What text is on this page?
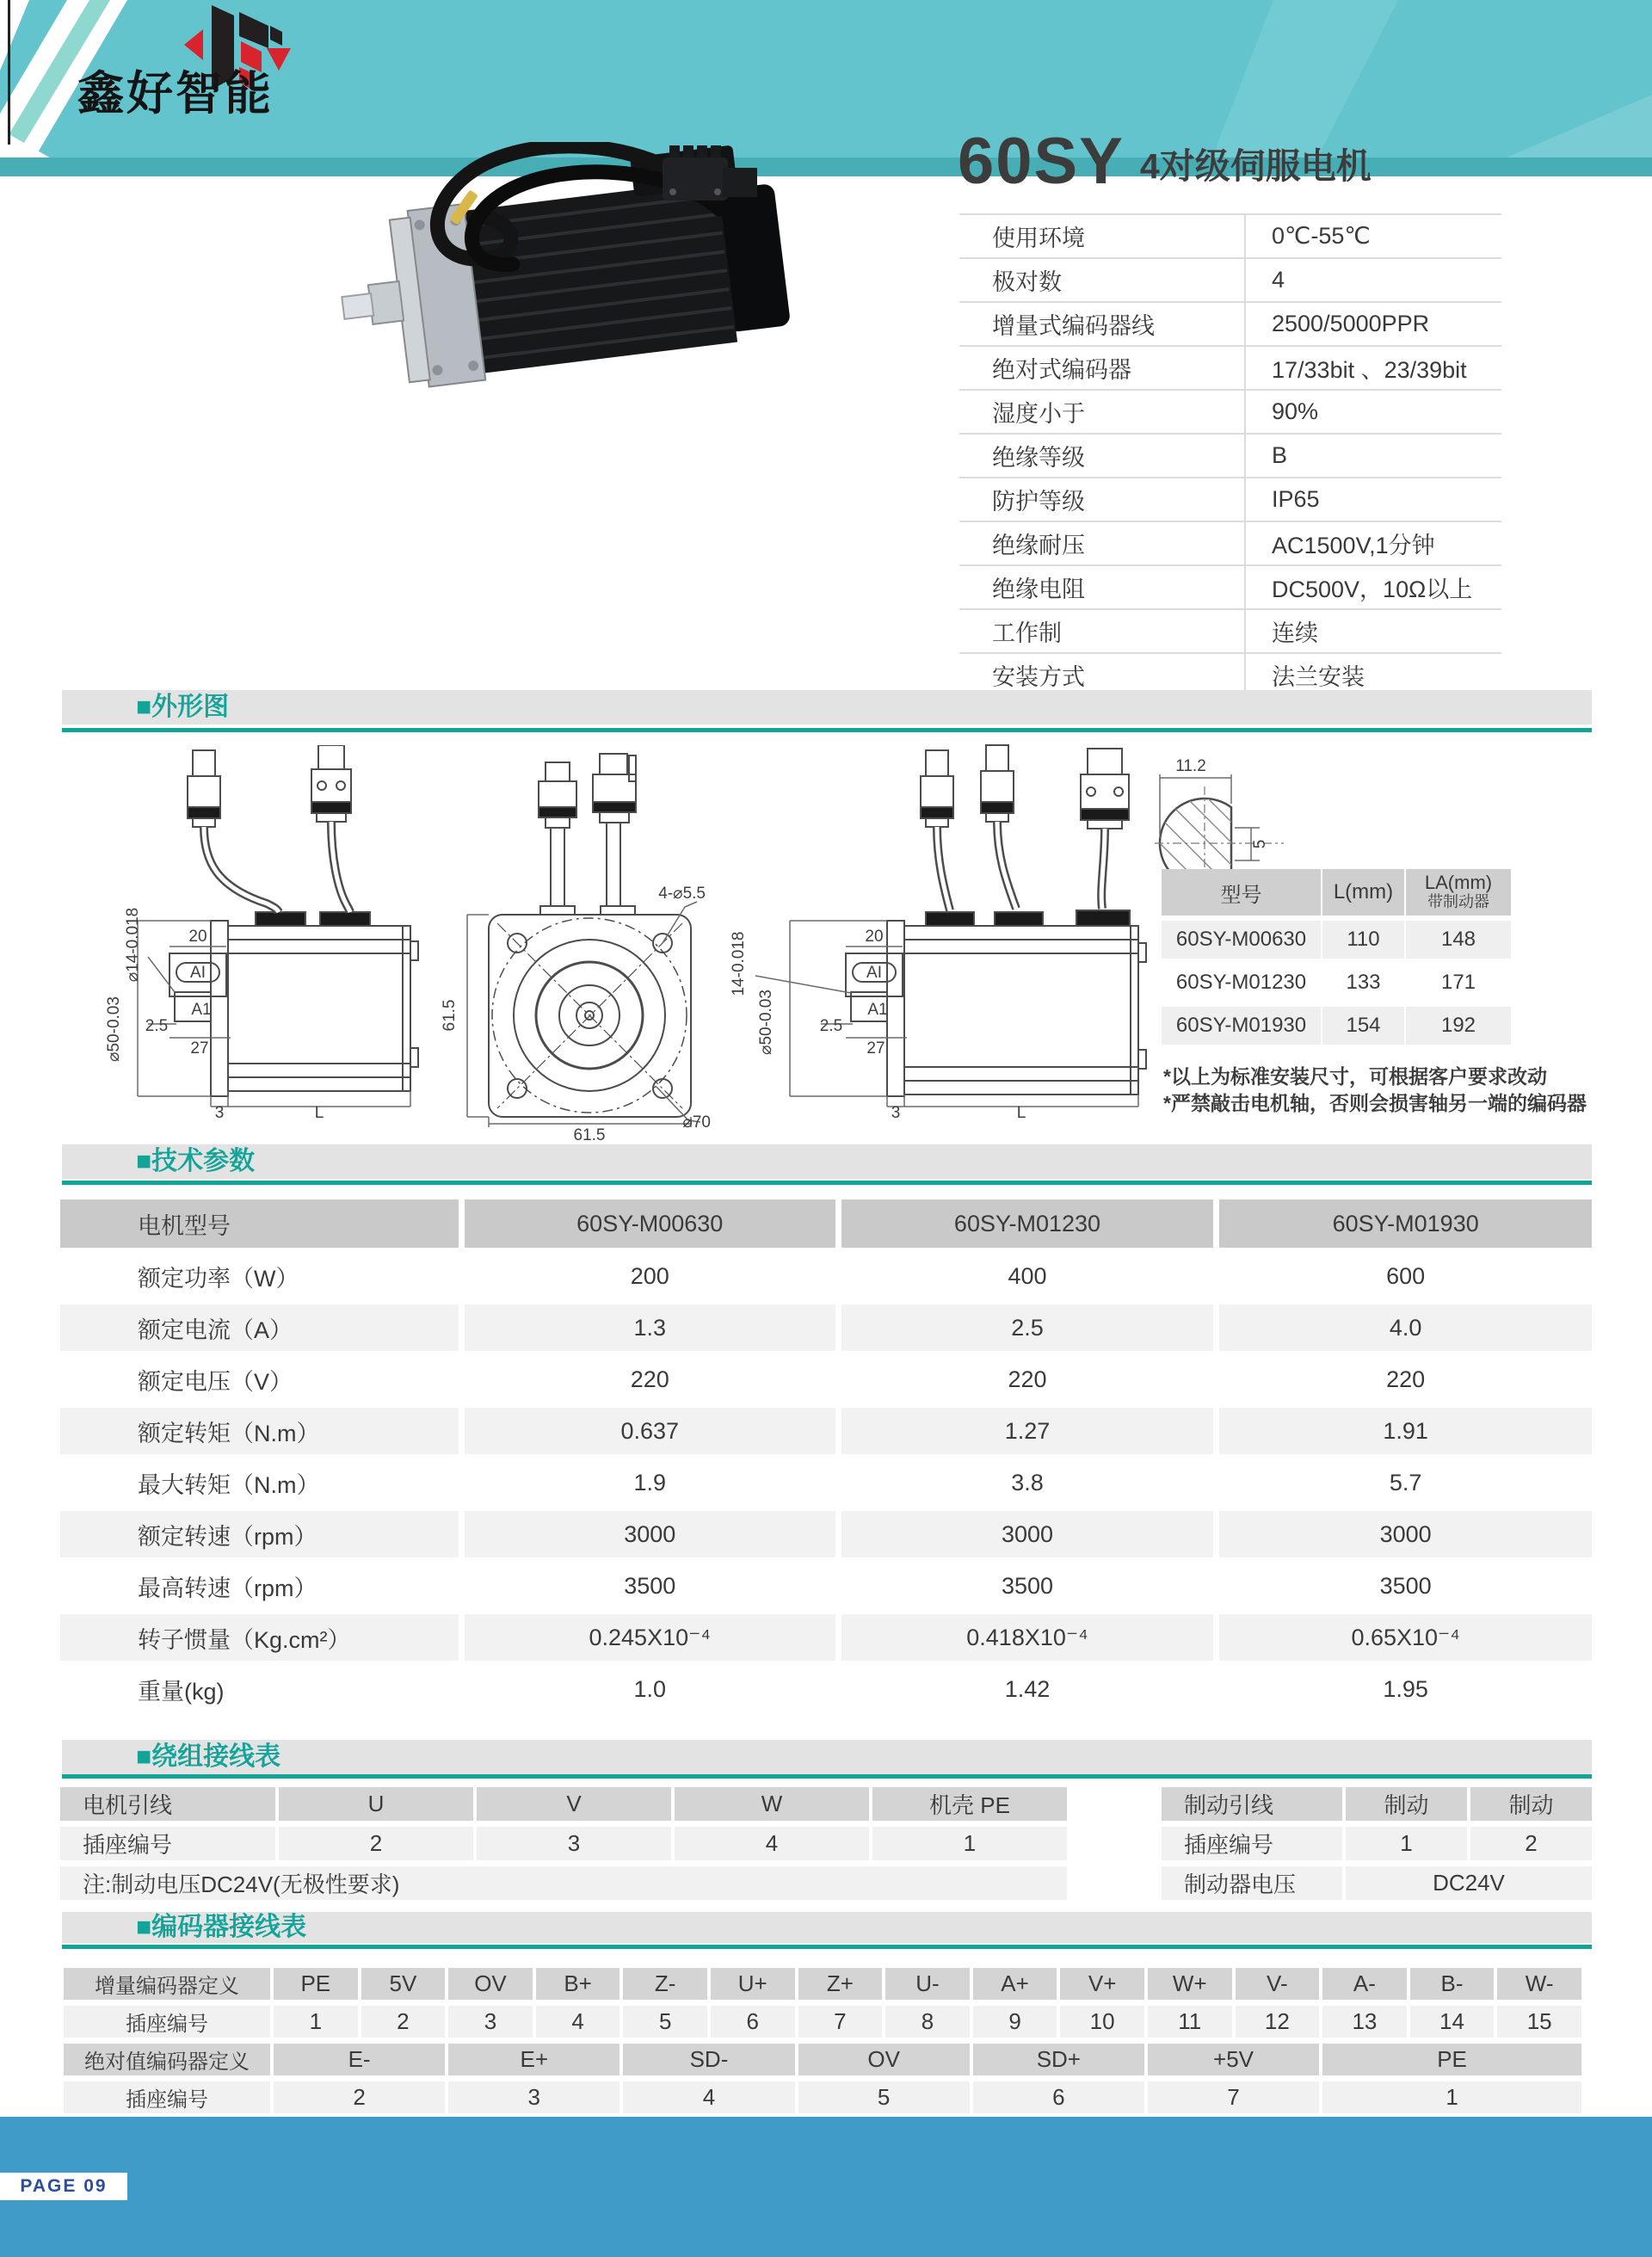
鑫好智能
60SY 4对级伺服电机
使用环境	0℃-55℃
极对数	4
增量式编码器线	2500/5000PPR
绝对式编码器	17/33bit 、23/39bit
湿度小于	90%
绝缘等级	B
防护等级	IP65
绝缘耐压	AC1500V,1分钟
绝缘电阻	DC500V，10Ω以上
工作制	连续
安装方式	法兰安装
■外形图
⌀14-0.018
⌀50-0.03
20
AI
A1
2.5
27
3	L
61.5
61.5
4-⌀5.5
⌀70
14-0.018
⌀50-0.03
20
AI
A1
2.5
27
3	L
11.2
5
型号	L(mm)	LA(mm)
带制动器

60SY-M00630	110	148
60SY-M01230	133	171
60SY-M01930	154	192
*以上为标准安装尺寸，可根据客户要求改动
*严禁敲击电机轴，否则会损害轴另一端的编码器
■技术参数
电机型号	60SY-M00630	60SY-M01230	60SY-M01930
额定功率（W）	200	400	600
额定电流（A）	1.3	2.5	4.0
额定电压（V）	220	220	220
额定转矩（N.m）	0.637	1.27	1.91
最大转矩（N.m）	1.9	3.8	5.7
额定转速（rpm）	3000	3000	3000
最高转速（rpm）	3500	3500	3500
转子惯量（Kg.cm²）	0.245X10⁻⁴	0.418X10⁻⁴	0.65X10⁻⁴
重量(kg)	1.0	1.42	1.95
■绕组接线表
电机引线	U	V	W	机壳 PE
插座编号	2	3	4	1
注:制动电压DC24V(无极性要求)				
制动引线	制动	制动
插座编号	1	2
制动器电压	DC24V	
■编码器接线表
增量编码器定义	PE	5V	OV	B+	Z-	U+	Z+	U-	A+	V+	W+	V-	A-	B-	W-
插座编号	1	2	3	4	5	6	7	8	9	10	11	12	13	14	15
绝对值编码器定义	E-		E+		SD-		OV		SD+		+5V		PE		
插座编号	2		3		4		5		6		7		1		
PAGE 09
